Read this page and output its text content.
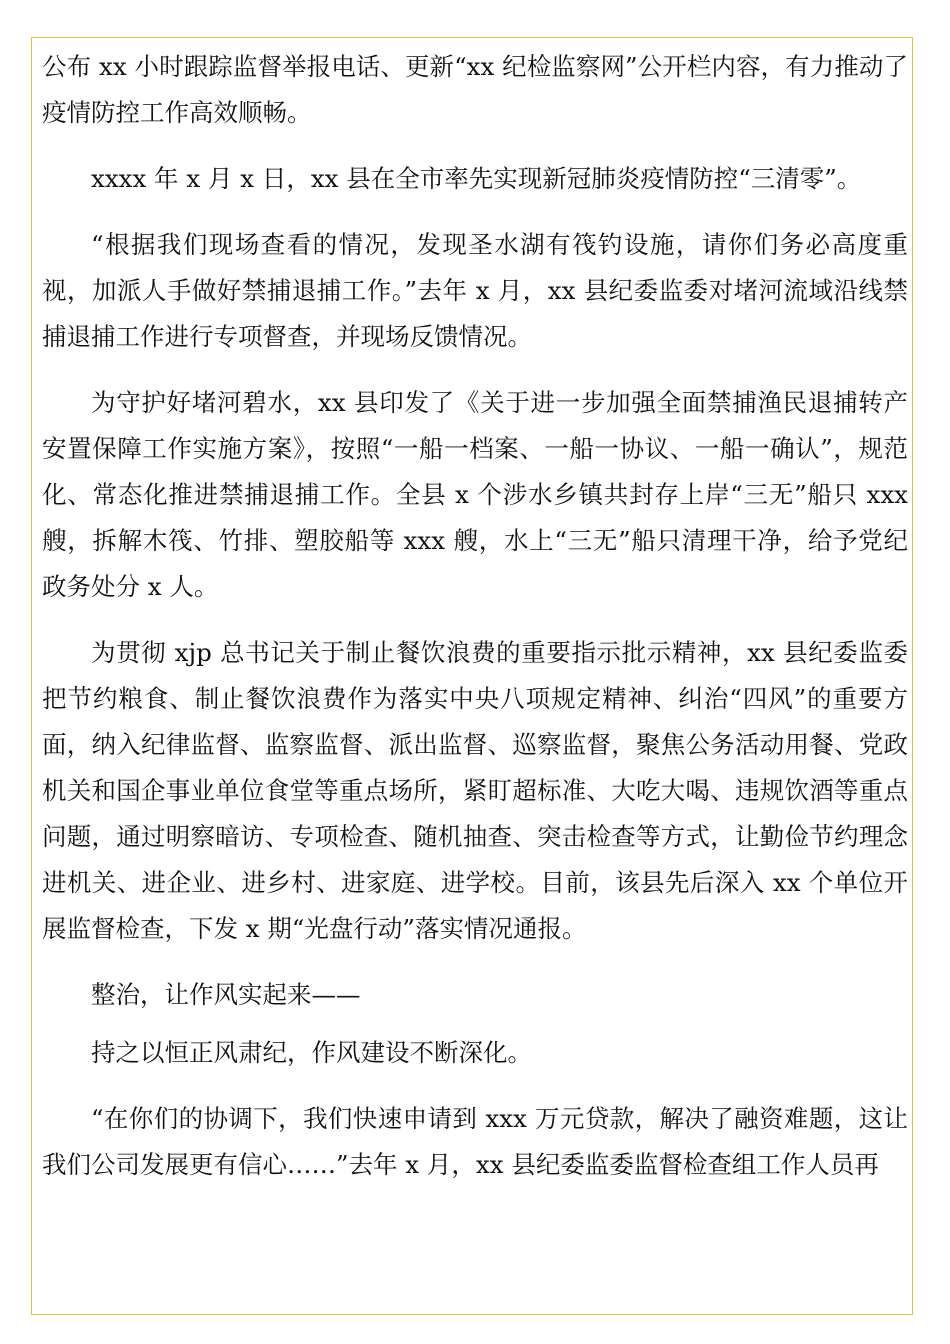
公布 xx 小时跟踪监督举报电话、更新“xx 纪检监察网”公开栏内容，有力推动了疫情防控工作高效顺畅。

xxxx 年 x 月 x 日，xx 县在全市率先实现新冠肺炎疫情防控“三清零”。

“根据我们现场查看的情况，发现圣水湖有筏钓设施，请你们务必高度重视，加派人手做好禁捕退捕工作。”去年 x 月，xx 县纪委监委对堵河流域沿线禁捕退捕工作进行专项督查，并现场反馈情况。

为守护好堵河碧水，xx 县印发了《关于进一步加强全面禁捕渔民退捕转产安置保障工作实施方案》，按照“一船一档案、一船一协议、一船一确认”，规范化、常态化推进禁捕退捕工作。全县 x 个涉水乡镇共封存上岸“三无”船只 xxx 艘，拆解木筏、竹排、塑胶船等 xxx 艘，水上“三无”船只清理干净，给予党纪政务处分 x 人。

为贯彻 xjp 总书记关于制止餐饮浪费的重要指示批示精神，xx 县纪委监委把节约粮食、制止餐饮浪费作为落实中央八项规定精神、纠治“四风”的重要方面，纳入纪律监督、监察监督、派出监督、巡察监督，聚焦公务活动用餐、党政机关和国企事业单位食堂等重点场所，紧盯超标准、大吃大喝、违规饮酒等重点问题，通过明察暗访、专项检查、随机抽查、突击检查等方式，让勤俭节约理念进机关、进企业、进乡村、进家庭、进学校。目前，该县先后深入 xx 个单位开展监督检查，下发 x 期“光盘行动”落实情况通报。

整治，让作风实起来——

持之以恒正风肃纪，作风建设不断深化。

“在你们的协调下，我们快速申请到 xxx 万元贷款，解决了融资难题，这让我们公司发展更有信心……”去年 x 月，xx 县纪委监委监督检查组工作人员再
